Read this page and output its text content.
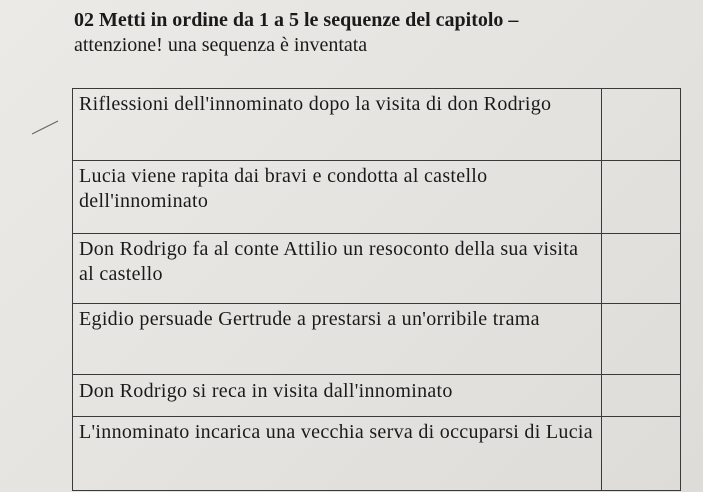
02 Metti in ordine da 1 a 5 le sequenze del capitolo –
attenzione! una sequenza è inventata
Riflessioni dell'innominato dopo la visita di don Rodrigo	
Lucia viene rapita dai bravi e condotta al castello dell'innominato	
Don Rodrigo fa al conte Attilio un resoconto della sua visita al castello	
Egidio persuade Gertrude a prestarsi a un'orribile trama	
Don Rodrigo si reca in visita dall'innominato	
L'innominato incarica una vecchia serva di occuparsi di Lucia	
